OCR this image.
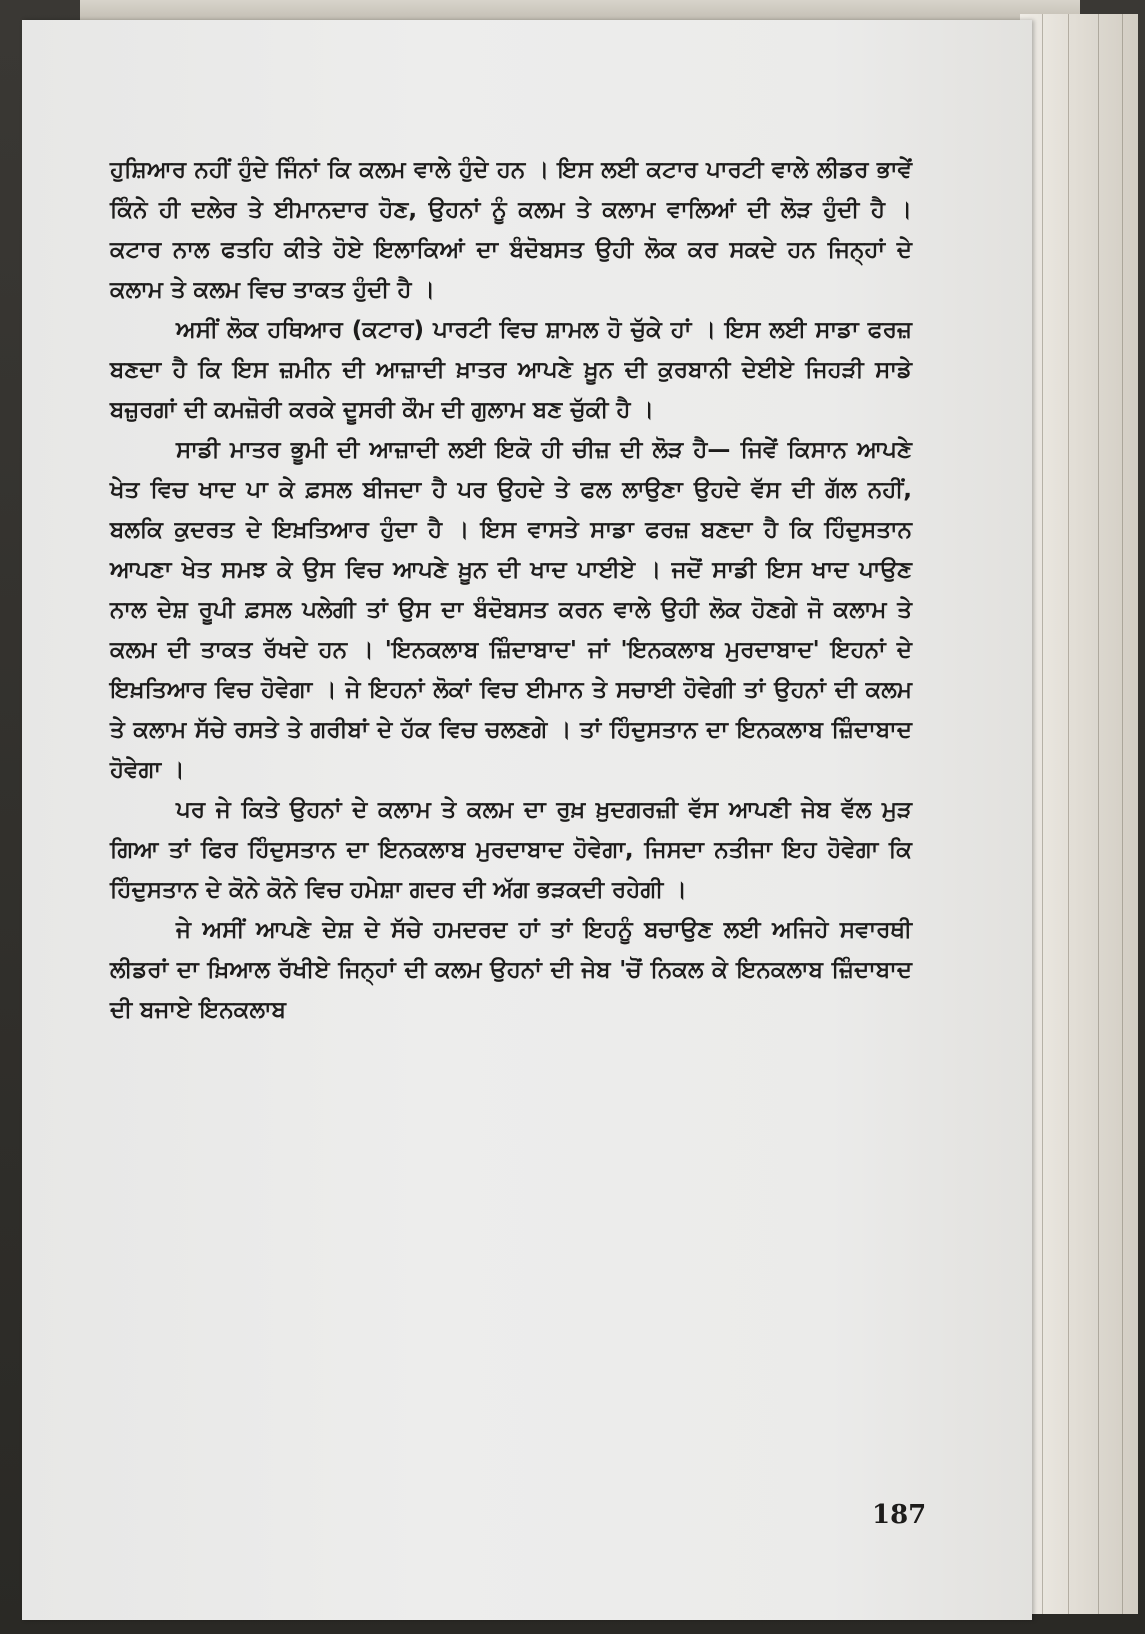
ਹੁਸ਼ਿਆਰ ਨਹੀਂ ਹੁੰਦੇ ਜਿੰਨਾਂ ਕਿ ਕਲਮ ਵਾਲੇ ਹੁੰਦੇ ਹਨ । ਇਸ ਲਈ ਕਟਾਰ ਪਾਰਟੀ ਵਾਲੇ ਲੀਡਰ ਭਾਵੇਂ ਕਿੰਨੇ ਹੀ ਦਲੇਰ ਤੇ ਈਮਾਨਦਾਰ ਹੋਣ, ਉਹਨਾਂ ਨੂੰ ਕਲਮ ਤੇ ਕਲਾਮ ਵਾਲਿਆਂ ਦੀ ਲੋੜ ਹੁੰਦੀ ਹੈ । ਕਟਾਰ ਨਾਲ ਫਤਹਿ ਕੀਤੇ ਹੋਏ ਇਲਾਕਿਆਂ ਦਾ ਬੰਦੋਬਸਤ ਉਹੀ ਲੋਕ ਕਰ ਸਕਦੇ ਹਨ ਜਿਨ੍ਹਾਂ ਦੇ ਕਲਾਮ ਤੇ ਕਲਮ ਵਿਚ ਤਾਕਤ ਹੁੰਦੀ ਹੈ ।

ਅਸੀਂ ਲੋਕ ਹਥਿਆਰ (ਕਟਾਰ) ਪਾਰਟੀ ਵਿਚ ਸ਼ਾਮਲ ਹੋ ਚੁੱਕੇ ਹਾਂ । ਇਸ ਲਈ ਸਾਡਾ ਫਰਜ਼ ਬਣਦਾ ਹੈ ਕਿ ਇਸ ਜ਼ਮੀਨ ਦੀ ਆਜ਼ਾਦੀ ਖ਼ਾਤਰ ਆਪਣੇ ਖ਼ੂਨ ਦੀ ਕੁਰਬਾਨੀ ਦੇਈਏ ਜਿਹੜੀ ਸਾਡੇ ਬਜ਼ੁਰਗਾਂ ਦੀ ਕਮਜ਼ੋਰੀ ਕਰਕੇ ਦੂਸਰੀ ਕੌਮ ਦੀ ਗੁਲਾਮ ਬਣ ਚੁੱਕੀ ਹੈ ।

ਸਾਡੀ ਮਾਤਰ ਭੂਮੀ ਦੀ ਆਜ਼ਾਦੀ ਲਈ ਇਕੋ ਹੀ ਚੀਜ਼ ਦੀ ਲੋੜ ਹੈ— ਜਿਵੇਂ ਕਿਸਾਨ ਆਪਣੇ ਖੇਤ ਵਿਚ ਖਾਦ ਪਾ ਕੇ ਫ਼ਸਲ ਬੀਜਦਾ ਹੈ ਪਰ ਉਹਦੇ ਤੇ ਫਲ ਲਾਉਣਾ ਉਹਦੇ ਵੱਸ ਦੀ ਗੱਲ ਨਹੀਂ, ਬਲਕਿ ਕੁਦਰਤ ਦੇ ਇਖ਼ਤਿਆਰ ਹੁੰਦਾ ਹੈ । ਇਸ ਵਾਸਤੇ ਸਾਡਾ ਫਰਜ਼ ਬਣਦਾ ਹੈ ਕਿ ਹਿੰਦੁਸਤਾਨ ਆਪਣਾ ਖੇਤ ਸਮਝ ਕੇ ਉਸ ਵਿਚ ਆਪਣੇ ਖ਼ੂਨ ਦੀ ਖਾਦ ਪਾਈਏ । ਜਦੋਂ ਸਾਡੀ ਇਸ ਖਾਦ ਪਾਉਣ ਨਾਲ ਦੇਸ਼ ਰੂਪੀ ਫ਼ਸਲ ਪਲੇਗੀ ਤਾਂ ਉਸ ਦਾ ਬੰਦੋਬਸਤ ਕਰਨ ਵਾਲੇ ਉਹੀ ਲੋਕ ਹੋਣਗੇ ਜੋ ਕਲਾਮ ਤੇ ਕਲਮ ਦੀ ਤਾਕਤ ਰੱਖਦੇ ਹਨ । 'ਇਨਕਲਾਬ ਜ਼ਿੰਦਾਬਾਦ' ਜਾਂ 'ਇਨਕਲਾਬ ਮੁਰਦਾਬਾਦ' ਇਹਨਾਂ ਦੇ ਇਖ਼ਤਿਆਰ ਵਿਚ ਹੋਵੇਗਾ । ਜੇ ਇਹਨਾਂ ਲੋਕਾਂ ਵਿਚ ਈਮਾਨ ਤੇ ਸਚਾਈ ਹੋਵੇਗੀ ਤਾਂ ਉਹਨਾਂ ਦੀ ਕਲਮ ਤੇ ਕਲਾਮ ਸੱਚੇ ਰਸਤੇ ਤੇ ਗਰੀਬਾਂ ਦੇ ਹੱਕ ਵਿਚ ਚਲਣਗੇ । ਤਾਂ ਹਿੰਦੁਸਤਾਨ ਦਾ ਇਨਕਲਾਬ ਜ਼ਿੰਦਾਬਾਦ ਹੋਵੇਗਾ ।

ਪਰ ਜੇ ਕਿਤੇ ਉਹਨਾਂ ਦੇ ਕਲਾਮ ਤੇ ਕਲਮ ਦਾ ਰੁਖ਼ ਖ਼ੁਦਗਰਜ਼ੀ ਵੱਸ ਆਪਣੀ ਜੇਬ ਵੱਲ ਮੁੜ ਗਿਆ ਤਾਂ ਫਿਰ ਹਿੰਦੁਸਤਾਨ ਦਾ ਇਨਕਲਾਬ ਮੁਰਦਾਬਾਦ ਹੋਵੇਗਾ, ਜਿਸਦਾ ਨਤੀਜਾ ਇਹ ਹੋਵੇਗਾ ਕਿ ਹਿੰਦੁਸਤਾਨ ਦੇ ਕੋਨੇ ਕੋਨੇ ਵਿਚ ਹਮੇਸ਼ਾ ਗਦਰ ਦੀ ਅੱਗ ਭੜਕਦੀ ਰਹੇਗੀ ।

ਜੇ ਅਸੀਂ ਆਪਣੇ ਦੇਸ਼ ਦੇ ਸੱਚੇ ਹਮਦਰਦ ਹਾਂ ਤਾਂ ਇਹਨੂੰ ਬਚਾਉਣ ਲਈ ਅਜਿਹੇ ਸਵਾਰਥੀ ਲੀਡਰਾਂ ਦਾ ਖ਼ਿਆਲ ਰੱਖੀਏ ਜਿਨ੍ਹਾਂ ਦੀ ਕਲਮ ਉਹਨਾਂ ਦੀ ਜੇਬ 'ਚੋਂ ਨਿਕਲ ਕੇ ਇਨਕਲਾਬ ਜ਼ਿੰਦਾਬਾਦ ਦੀ ਬਜਾਏ ਇਨਕਲਾਬ

187
